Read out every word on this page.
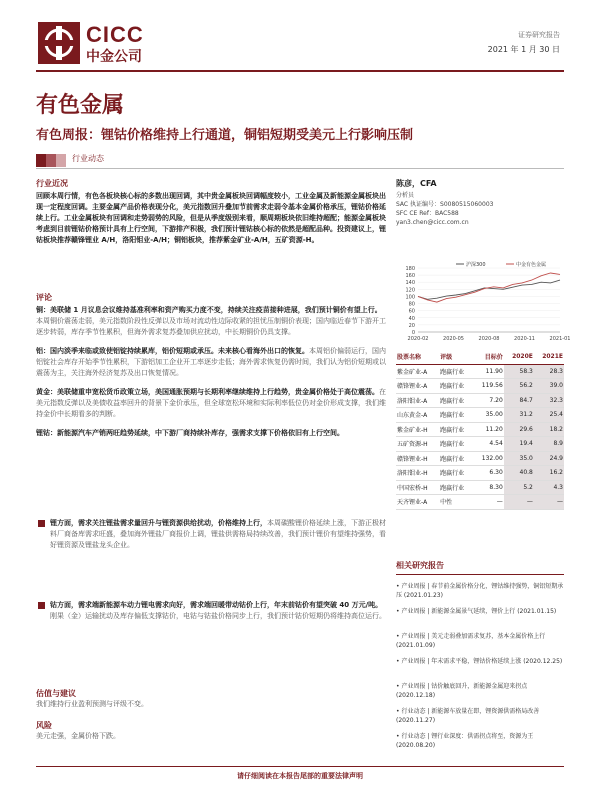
CICC
中金公司
证券研究报告
2021 年 1 月 30 日
有色金属
有色周报：锂钴价格维持上行通道，铜铝短期受美元上行影响压制
行业动态
行业近况
回顾本周行情，有色各板块核心标的多数出现回调，其中贵金属板块回调幅度较小，工业金属及新能源金属板块出现一定程度回调。主要金属产品价格表现分化，美元指数回升叠加节前需求走弱令基本金属价格承压，锂钴价格延续上行。工业金属板块有回调和走势弱势的风险，但是从季度级别来看，顺周期板块依旧维持超配；能源金属板块考虑到目前锂钴价格预计具有上行空间，下游排产积极，我们预计锂钴核心标的依然是超配品种。投资建议上，锂钴板块推荐赣锋锂业 A/H，洛阳钼业-A/H；铜铝板块，推荐紫金矿业-A/H，五矿资源-H。
评论
铜：美联储 1 月议息会议维持基准利率和资产购买力度不变，持续关注疫苗接种进展，我们预计铜价有望上行。本周铜价震荡走弱，美元指数阶段性反弹以及市场对流动性边际收紧的担忧压制铜价表现；国内临近春节下游开工逐步转弱，库存季节性累积，但海外需求复苏叠加供应扰动，中长期铜价仍具支撑。
铝：国内淡季来临或致使铝锭持续累库，铝价短期或承压。未来核心看海外出口的恢复。本周铝价偏弱运行，国内铝锭社会库存开始季节性累积，下游铝加工企业开工率逐步走低；海外需求恢复仍需时间，我们认为铝价短期或以震荡为主，关注海外经济复苏及出口恢复情况。
黄金：美联储重申宽松货币政策立场，美国通胀预期与长期利率继续维持上行趋势，贵金属价格处于高位震荡。在美元指数反弹以及美债收益率回升的背景下金价承压，但全球宽松环境和实际利率低位仍对金价形成支撑，我们维持金价中长期看多的判断。
锂钴：新能源汽车产销两旺趋势延续，中下游厂商持续补库存，强需求支撑下价格依旧有上行空间。
锂方面，需求关注锂盐需求量回升与锂资源供给扰动，价格维持上行，本周碳酸锂价格延续上涨，下游正极材料厂商备库需求旺盛，叠加海外锂盐厂商报价上调，锂盐供需格局持续改善，我们预计锂价有望维持强势，看好锂资源及锂盐龙头企业。
钴方面，需求端新能源车动力锂电需求向好，需求端回暖带动钴价上行，年末前钴价有望突破 40 万元/吨。刚果（金）运输扰动及库存偏低支撑钴价，电钴与钴盐价格同步上行，我们预计钴价短期仍将维持高位运行。
估值与建议
我们维持行业盈利预测与评级不变。
风险
美元走强，金属价格下跌。
陈彦，CFA
分析员
SAC 执证编号：S0080515060003
SFC CE Ref：BAC588
yan3.chen@cicc.com.cn
180
160
140
120
100
80
60
40
20
0
2020-02	2020-05	2020-08	2020-11	2021-01
沪深300	中金有色金属
股票名称	评级	目标价	2020E	2021E
紫金矿业-A	跑赢行业	11.90	58.3	28.3
赣锋锂业-A	跑赢行业	119.56	56.2	39.0
洛阳钼业-A	跑赢行业	7.20	84.7	32.3
山东黄金-A	跑赢行业	35.00	31.2	25.4
紫金矿业-H	跑赢行业	11.20	29.6	18.2
五矿资源-H	跑赢行业	4.54	19.4	8.9
赣锋锂业-H	跑赢行业	132.00	35.0	24.9
洛阳钼业-H	跑赢行业	6.30	40.8	16.2
中国宏桥-H	跑赢行业	8.30	5.2	4.3
天齐锂业-A	中性	—	—	—
相关研究报告
• 产业周报 | 春节前金属价格分化，锂钴维持强势，铜铝短期承压 (2021.01.23)
• 产业周报 | 新能源金属景气延续，锂价上行 (2021.01.15)
• 产业周报 | 美元走弱叠加需求复苏，基本金属价格上行 (2021.01.09)
• 产业周报 | 年末需求平稳，锂钴价格延续上涨 (2020.12.25)
• 产业周报 | 钴价触底回升，新能源金属迎来拐点 (2020.12.18)
• 行业动态 | 新能源车放量在即，锂资源供需格局改善 (2020.11.27)
• 行业动态 | 锂行业深度：供需拐点将至，资源为王 (2020.08.20)
请仔细阅读在本报告尾部的重要法律声明
